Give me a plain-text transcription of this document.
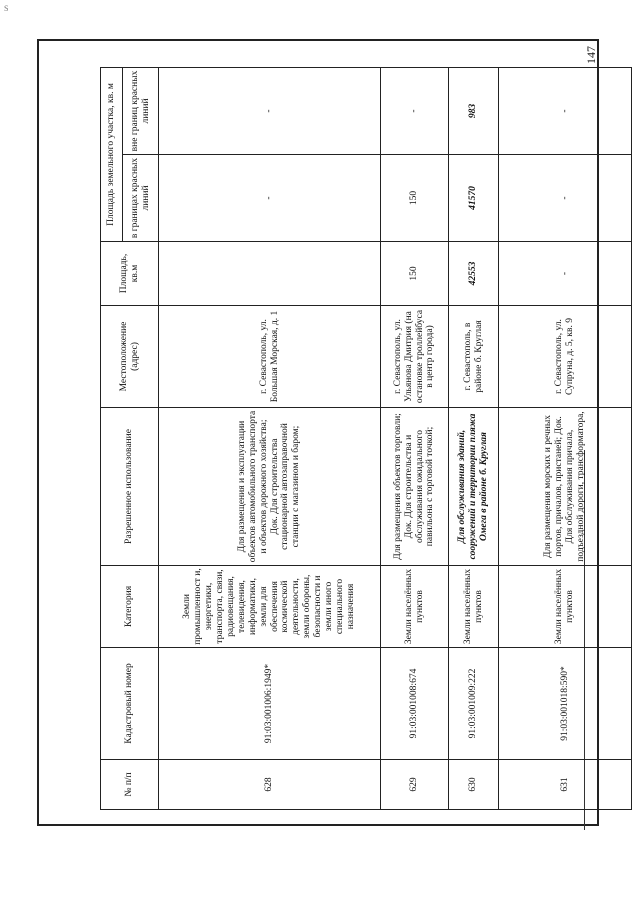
S
147
№ п/п	Кадастровый номер	Категория	Разрешенное использование	Местоположение (адрес)	Площадь, кв.м	Площадь земельного участка, кв. м	
						в границах красных линий	вне границ красных линий
628	91:03:001006:1949*	Земли промышленност и, энергетики, транспорта, связи, радиовещания, телевидения, информатики, земли для обеспечения космической деятельности, земли обороны, безопасности и земли иного специального назначения	Для размещения и эксплуатации объектов автомобильного транспорта и объектов дорожного хозяйства; Док. Для строительства стационарной автозаправочной станции с магазином и баром;	г. Севастополь, ул. Большая Морская, д. 1		-	-
629	91:03:001008:674	Земли населённых пунктов	Для размещения объектов торговли; Док. Для строительства и обслуживания ожидального павильона с торговой точкой;	г. Севастополь, ул. Ульянова Дмитрия (на остановке троллейбуса в центр города)	150	150	-
630	91:03:001009:222	Земли населённых пунктов	Для обслуживания зданий, сооружений и территории пляжа Омега в районе б. Круглая	г. Севастополь, в районе б. Круглая	42553	41570	983
631	91:03:001018:590*	Земли населённых пунктов	Для размещения морских и речных портов, причалов, пристаней; Док. Для обслуживания причала, подъездной дороги, трансформатора,	г. Севастополь, ул. Супруна, д. 5, кв. 9	-	-	-
